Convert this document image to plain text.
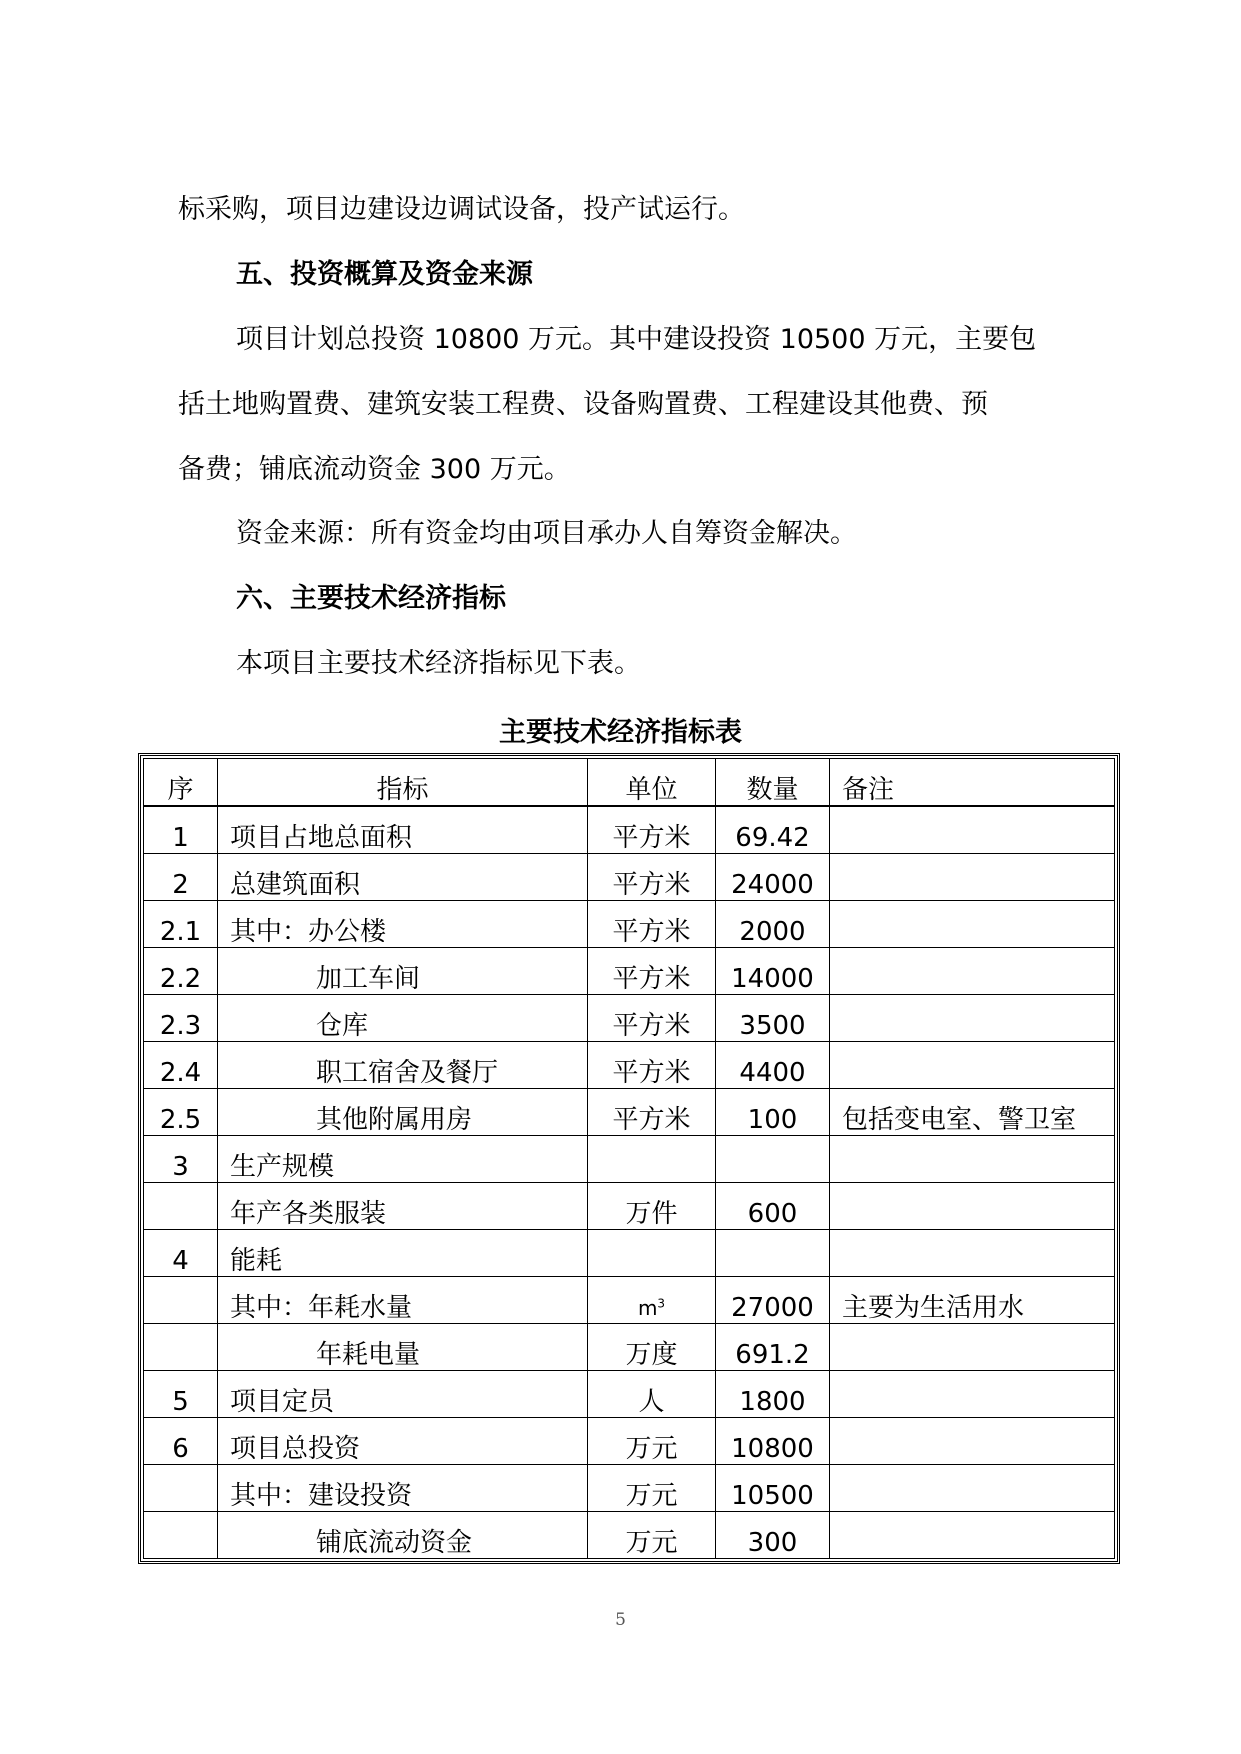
标采购，项目边建设边调试设备，投产试运行。
五、投资概算及资金来源
项目计划总投资 10800 万元。其中建设投资 10500 万元，主要包
括土地购置费、建筑安装工程费、设备购置费、工程建设其他费、预
备费；铺底流动资金 300 万元。
资金来源：所有资金均由项目承办人自筹资金解决。
六、主要技术经济指标
本项目主要技术经济指标见下表。
主要技术经济指标表
序	指标	单位	数量	备注
1	项目占地总面积	平方米	69.42	
2	总建筑面积	平方米	24000	
2.1	其中：办公楼	平方米	2000	
2.2	加工车间	平方米	14000	
2.3	仓库	平方米	3500	
2.4	职工宿舍及餐厅	平方米	4400	
2.5	其他附属用房	平方米	100	包括变电室、警卫室
3	生产规模			
	年产各类服装	万件	600	
4	能耗			
	其中：年耗水量	$m^3$	27000	主要为生活用水
	年耗电量	万度	691.2	
5	项目定员	人	1800	
6	项目总投资	万元	10800	
	其中：建设投资	万元	10500	
	铺底流动资金	万元	300	
5
